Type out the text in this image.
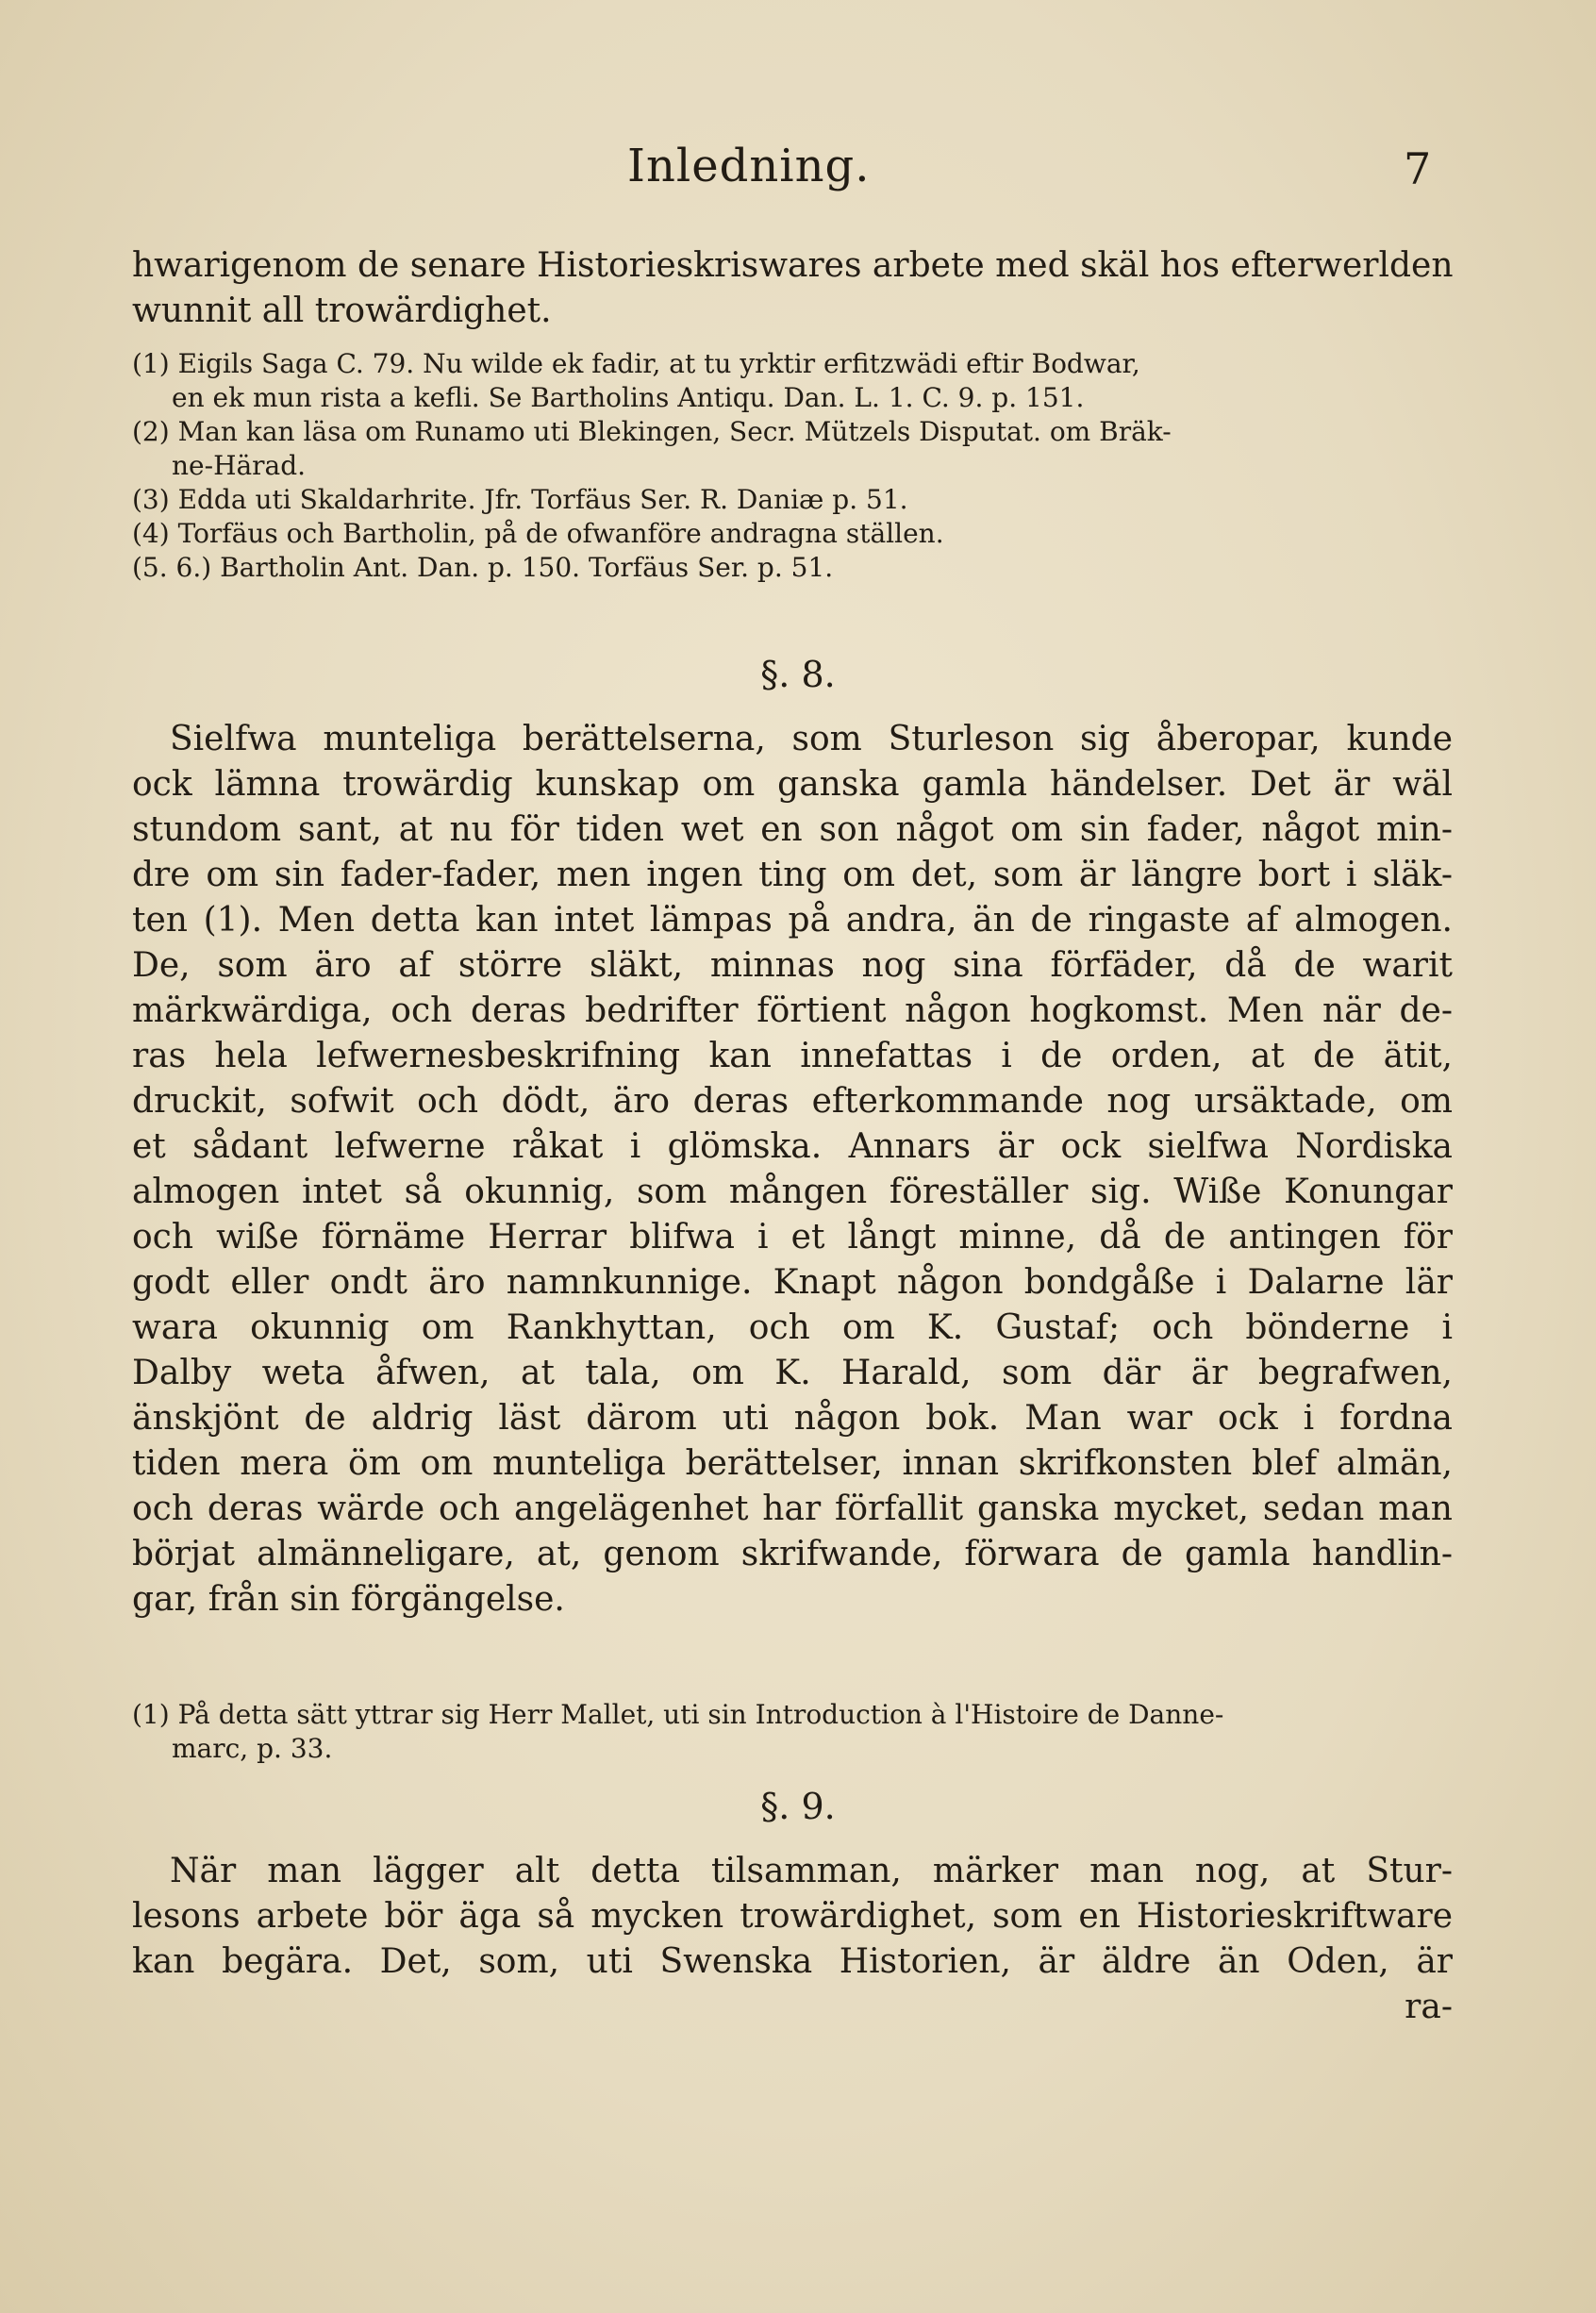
Inledning.	7
hwarigenom de senare Historieskriswares arbete med skäl hos efterwerlden
wunnit all trowärdighet.
(1) Eigils Saga C. 79. Nu wilde ek fadir, at tu yrktir erfitzwädi eftir Bodwar,
en ek mun rista a kefli. Se Bartholins Antiqu. Dan. L. 1. C. 9. p. 151.
(2) Man kan läsa om Runamo uti Blekingen, Secr. Mützels Disputat. om Bräk-
ne-Härad.
(3) Edda uti Skaldarhrite. Jfr. Torfäus Ser. R. Daniæ p. 51.
(4) Torfäus och Bartholin, på de ofwanföre andragna ställen.
(5. 6.) Bartholin Ant. Dan. p. 150. Torfäus Ser. p. 51.
§. 8.
Sielfwa munteliga berättelserna, som Sturleson sig åberopar, kunde
ock lämna trowärdig kunskap om ganska gamla händelser. Det är wäl
stundom sant, at nu för tiden wet en son något om sin fader, något min-
dre om sin fader-fader, men ingen ting om det, som är längre bort i släk-
ten (1). Men detta kan intet lämpas på andra, än de ringaste af almogen.
De, som äro af större släkt, minnas nog sina förfäder, då de warit
märkwärdiga, och deras bedrifter förtient någon hogkomst. Men när de-
ras hela lefwernesbeskrifning kan innefattas i de orden, at de ätit,
druckit, sofwit och dödt, äro deras efterkommande nog ursäktade, om
et sådant lefwerne råkat i glömska. Annars är ock sielfwa Nordiska
almogen intet så okunnig, som mången föreställer sig. Wiße Konungar
och wiße förnäme Herrar blifwa i et långt minne, då de antingen för
godt eller ondt äro namnkunnige. Knapt någon bondgåße i Dalarne lär
wara okunnig om Rankhyttan, och om K. Gustaf; och bönderne i
Dalby weta åfwen, at tala, om K. Harald, som där är begrafwen,
änskjönt de aldrig läst därom uti någon bok. Man war ock i fordna
tiden mera öm om munteliga berättelser, innan skrifkonsten blef almän,
och deras wärde och angelägenhet har förfallit ganska mycket, sedan man
börjat almänneligare, at, genom skrifwande, förwara de gamla handlin-
gar, från sin förgängelse.
(1) På detta sätt yttrar sig Herr Mallet, uti sin Introduction à l'Histoire de Danne-
marc, p. 33.
§. 9.
När man lägger alt detta tilsamman, märker man nog, at Stur-
lesons arbete bör äga så mycken trowärdighet, som en Historieskriftware
kan begära. Det, som, uti Swenska Historien, är äldre än Oden, är
ra-
